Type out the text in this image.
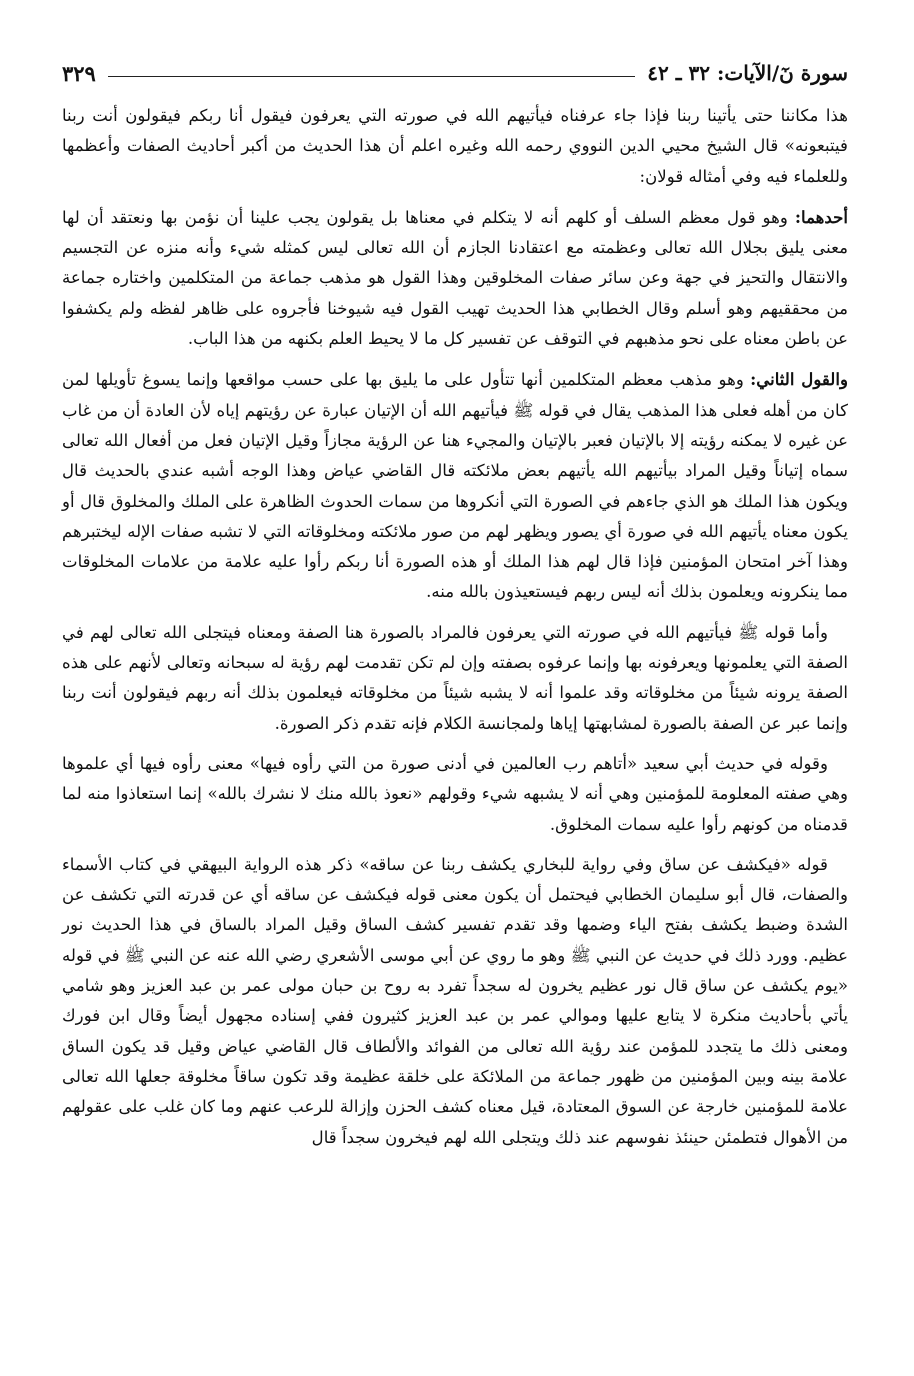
سورة نٓ/الآيات: ٣٢ ـ ٤٢
٣٢٩

هذا مكاننا حتى يأتينا ربنا فإذا جاء عرفناه فيأتيهم الله في صورته التي يعرفون فيقول أنا ربكم فيقولون أنت ربنا فيتبعونه» قال الشيخ محيي الدين النووي رحمه الله وغيره اعلم أن هذا الحديث من أكبر أحاديث الصفات وأعظمها وللعلماء فيه وفي أمثاله قولان:

أحدهما: وهو قول معظم السلف أو كلهم أنه لا يتكلم في معناها بل يقولون يجب علينا أن نؤمن بها ونعتقد أن لها معنى يليق بجلال الله تعالى وعظمته مع اعتقادنا الجازم أن الله تعالى ليس كمثله شيء وأنه منزه عن التجسيم والانتقال والتحيز في جهة وعن سائر صفات المخلوقين وهذا القول هو مذهب جماعة من المتكلمين واختاره جماعة من محققيهم وهو أسلم وقال الخطابي هذا الحديث تهيب القول فيه شيوخنا فأجروه على ظاهر لفظه ولم يكشفوا عن باطن معناه على نحو مذهبهم في التوقف عن تفسير كل ما لا يحيط العلم بكنهه من هذا الباب.

والقول الثاني: وهو مذهب معظم المتكلمين أنها تتأول على ما يليق بها على حسب مواقعها وإنما يسوغ تأويلها لمن كان من أهله فعلى هذا المذهب يقال في قوله ﷺ فيأتيهم الله أن الإتيان عبارة عن رؤيتهم إياه لأن العادة أن من غاب عن غيره لا يمكنه رؤيته إلا بالإتيان فعبر بالإتيان والمجيء هنا عن الرؤية مجازاً وقيل الإتيان فعل من أفعال الله تعالى سماه إتياناً وقيل المراد بيأتيهم الله يأتيهم بعض ملائكته قال القاضي عياض وهذا الوجه أشبه عندي بالحديث قال ويكون هذا الملك هو الذي جاءهم في الصورة التي أنكروها من سمات الحدوث الظاهرة على الملك والمخلوق قال أو يكون معناه يأتيهم الله في صورة أي يصور ويظهر لهم من صور ملائكته ومخلوقاته التي لا تشبه صفات الإله ليختبرهم وهذا آخر امتحان المؤمنين فإذا قال لهم هذا الملك أو هذه الصورة أنا ربكم رأوا عليه علامة من علامات المخلوقات مما ينكرونه ويعلمون بذلك أنه ليس ربهم فيستعيذون بالله منه.

وأما قوله ﷺ فيأتيهم الله في صورته التي يعرفون فالمراد بالصورة هنا الصفة ومعناه فيتجلى الله تعالى لهم في الصفة التي يعلمونها ويعرفونه بها وإنما عرفوه بصفته وإن لم تكن تقدمت لهم رؤية له سبحانه وتعالى لأنهم على هذه الصفة يرونه شيئاً من مخلوقاته وقد علموا أنه لا يشبه شيئاً من مخلوقاته فيعلمون بذلك أنه ربهم فيقولون أنت ربنا وإنما عبر عن الصفة بالصورة لمشابهتها إياها ولمجانسة الكلام فإنه تقدم ذكر الصورة.

وقوله في حديث أبي سعيد «أتاهم رب العالمين في أدنى صورة من التي رأوه فيها» معنى رأوه فيها أي علموها وهي صفته المعلومة للمؤمنين وهي أنه لا يشبهه شيء وقولهم «نعوذ بالله منك لا نشرك بالله» إنما استعاذوا منه لما قدمناه من كونهم رأوا عليه سمات المخلوق.

قوله «فيكشف عن ساق وفي رواية للبخاري يكشف ربنا عن ساقه» ذكر هذه الرواية البيهقي في كتاب الأسماء والصفات، قال أبو سليمان الخطابي فيحتمل أن يكون معنى قوله فيكشف عن ساقه أي عن قدرته التي تكشف عن الشدة وضبط يكشف بفتح الياء وضمها وقد تقدم تفسير كشف الساق وقيل المراد بالساق في هذا الحديث نور عظيم. وورد ذلك في حديث عن النبي ﷺ وهو ما روي عن أبي موسى الأشعري رضي الله عنه عن النبي ﷺ في قوله «يوم يكشف عن ساق قال نور عظيم يخرون له سجداً تفرد به روح بن حبان مولى عمر بن عبد العزيز وهو شامي يأتي بأحاديث منكرة لا يتابع عليها وموالي عمر بن عبد العزيز كثيرون ففي إسناده مجهول أيضاً وقال ابن فورك ومعنى ذلك ما يتجدد للمؤمن عند رؤية الله تعالى من الفوائد والألطاف قال القاضي عياض وقيل قد يكون الساق علامة بينه وبين المؤمنين من ظهور جماعة من الملائكة على خلقة عظيمة وقد تكون ساقاً مخلوقة جعلها الله تعالى علامة للمؤمنين خارجة عن السوق المعتادة، قيل معناه كشف الحزن وإزالة للرعب عنهم وما كان غلب على عقولهم من الأهوال فتطمئن حينئذ نفوسهم عند ذلك ويتجلى الله لهم فيخرون سجداً قال
